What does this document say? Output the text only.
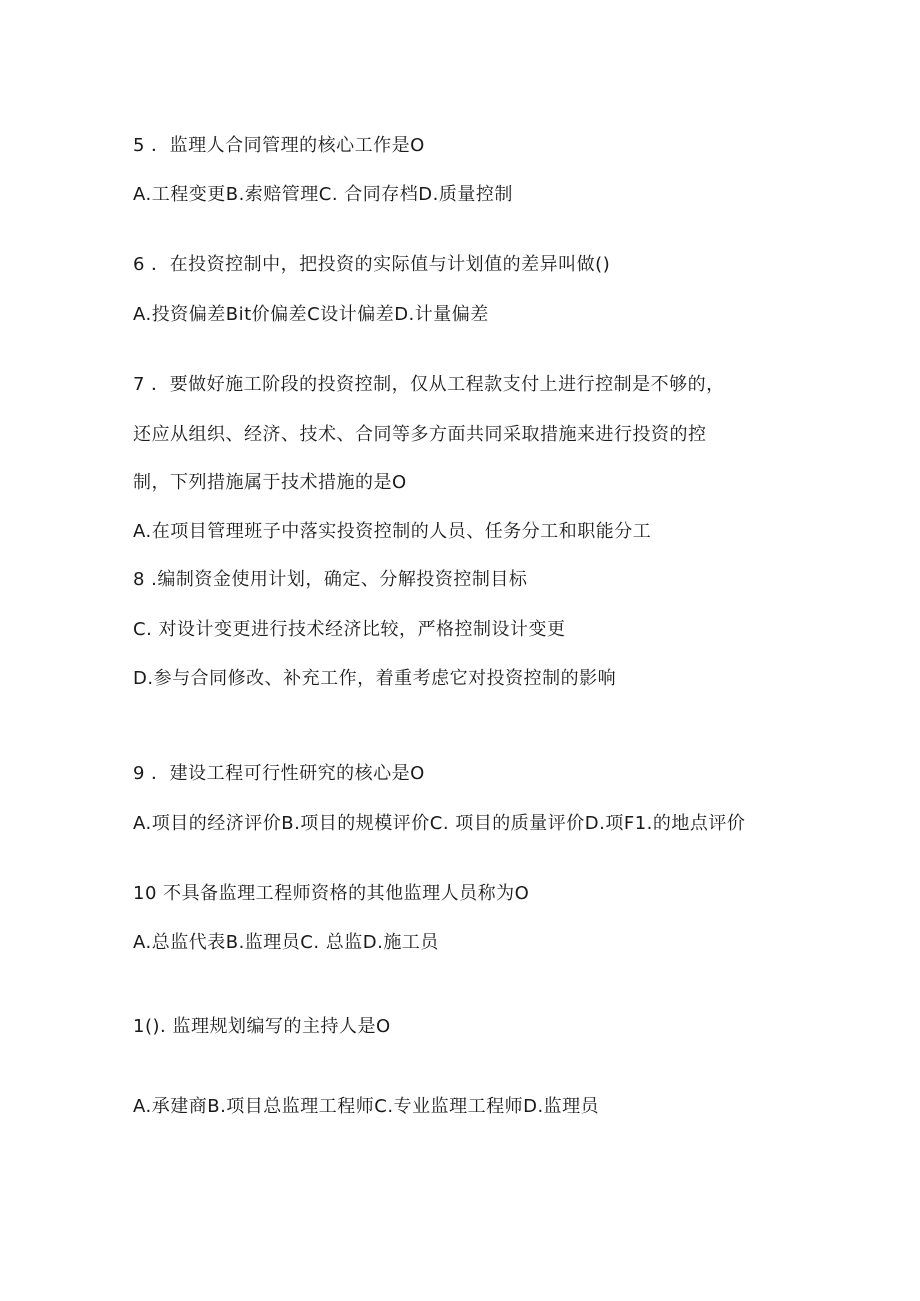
5 ．监理人合同管理的核心工作是O
A.工程变更B.索赔管理C. 合同存档D.质量控制
6 ．在投资控制中，把投资的实际值与计划值的差异叫做()
A.投资偏差Bit价偏差C设计偏差D.计量偏差
7 ．要做好施工阶段的投资控制，仅从工程款支付上进行控制是不够的，
还应从组织、经济、技术、合同等多方面共同采取措施来进行投资的控
制，下列措施属于技术措施的是O
A.在项目管理班子中落实投资控制的人员、任务分工和职能分工
8 .编制资金使用计划，确定、分解投资控制目标
C. 对设计变更进行技术经济比较，严格控制设计变更
D.参与合同修改、补充工作，着重考虑它对投资控制的影响
9 ．建设工程可行性研究的核心是O
A.项目的经济评价B.项目的规模评价C. 项目的质量评价D.项F1.的地点评价
10 不具备监理工程师资格的其他监理人员称为O
A.总监代表B.监理员C. 总监D.施工员
1(). 监理规划编写的主持人是O
A.承建商B.项目总监理工程师C.专业监理工程师D.监理员
